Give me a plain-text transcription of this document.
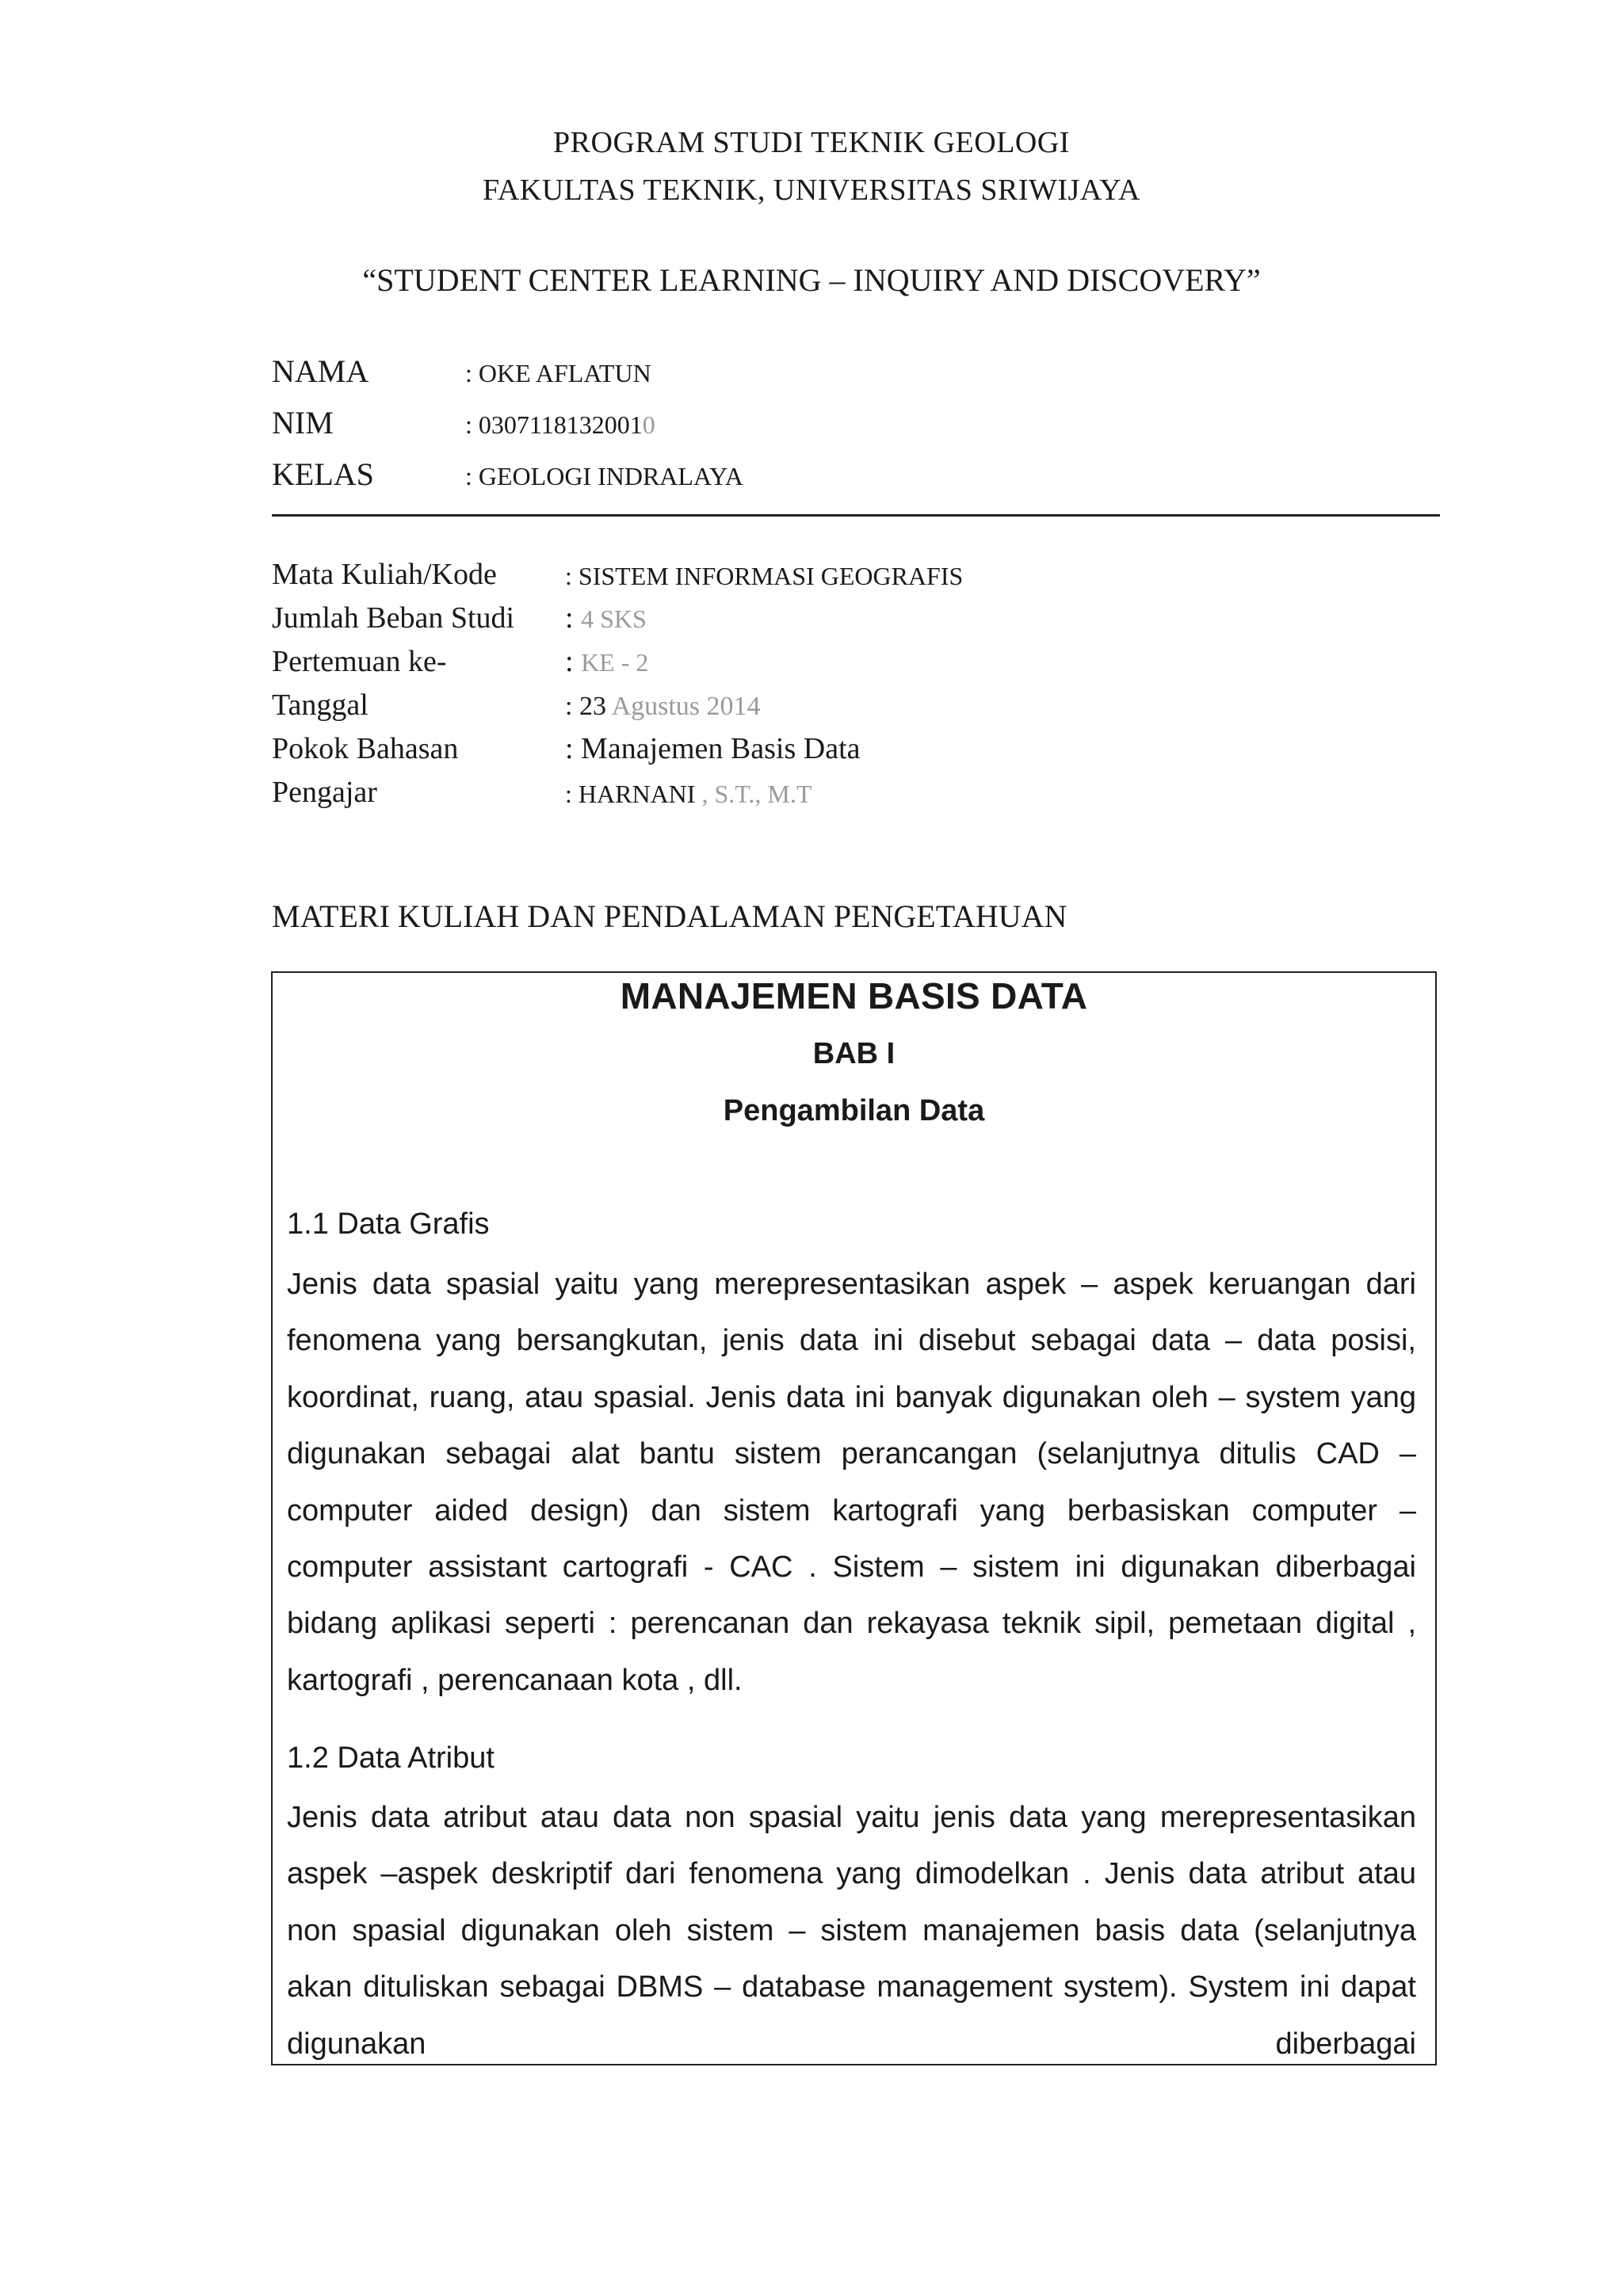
PROGRAM STUDI TEKNIK GEOLOGI
FAKULTAS TEKNIK, UNIVERSITAS SRIWIJAYA
“STUDENT CENTER LEARNING – INQUIRY AND DISCOVERY”
NAMA	: OKE AFLATUN
NIM	: 03071181320010
KELAS	: GEOLOGI INDRALAYA
Mata Kuliah/Kode	: SISTEM INFORMASI GEOGRAFIS
Jumlah Beban Studi : 4 SKS
Pertemuan ke-	: KE - 2
Tanggal	: 23 Agustus 2014
Pokok Bahasan	: Manajemen Basis Data
Pengajar	: HARNANI , S.T., M.T
MATERI KULIAH DAN PENDALAMAN PENGETAHUAN
MANAJEMEN BASIS DATA
BAB I
Pengambilan Data
1.1 Data Grafis
Jenis data spasial yaitu yang merepresentasikan aspek – aspek keruangan dari fenomena yang bersangkutan, jenis data ini disebut sebagai data – data posisi, koordinat, ruang, atau spasial. Jenis data ini banyak digunakan oleh – system yang digunakan sebagai alat bantu sistem perancangan (selanjutnya ditulis CAD – computer aided design) dan sistem kartografi yang berbasiskan computer – computer assistant cartografi - CAC . Sistem – sistem ini digunakan diberbagai bidang aplikasi seperti : perencanan dan rekayasa teknik sipil, pemetaan digital , kartografi , perencanaan kota , dll.
1.2 Data Atribut
Jenis data atribut atau data non spasial yaitu jenis data yang merepresentasikan aspek –aspek deskriptif dari fenomena yang dimodelkan . Jenis data atribut atau non spasial digunakan oleh sistem – sistem manajemen basis data (selanjutnya akan dituliskan sebagai DBMS – database management system). System ini dapat digunakan diberbagai
